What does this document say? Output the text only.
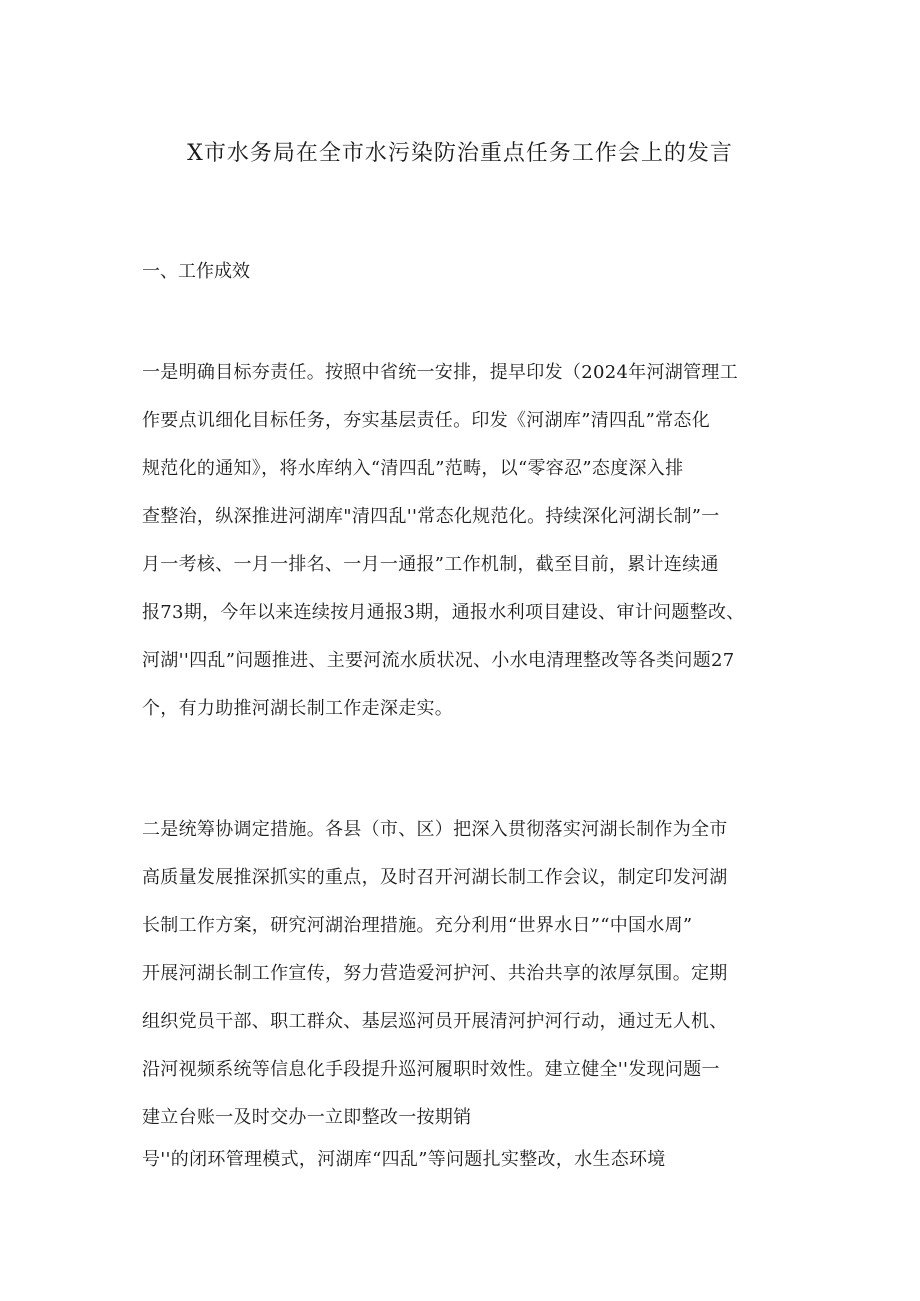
X市水务局在全市水污染防治重点任务工作会上的发言
一、工作成效
一是明确目标夯责任。按照中省统一安排，提早印发（2024年河湖管理工
作要点讥细化目标任务，夯实基层责任。印发《河湖库”清四乱”常态化
规范化的通知》，将水库纳入“清四乱”范畴，以“零容忍”态度深入排
查整治，纵深推进河湖库"清四乱''常态化规范化。持续深化河湖长制”一
月一考核、一月一排名、一月一通报”工作机制，截至目前，累计连续通
报73期，今年以来连续按月通报3期，通报水利项目建设、审计问题整改、
河湖''四乱”问题推进、主要河流水质状况、小水电清理整改等各类问题27
个，有力助推河湖长制工作走深走实。
二是统筹协调定措施。各县（市、区）把深入贯彻落实河湖长制作为全市
高质量发展推深抓实的重点，及时召开河湖长制工作会议，制定印发河湖
长制工作方案，研究河湖治理措施。充分利用“世界水日”“中国水周”
开展河湖长制工作宣传，努力营造爱河护河、共治共享的浓厚氛围。定期
组织党员干部、职工群众、基层巡河员开展清河护河行动，通过无人机、
沿河视频系统等信息化手段提升巡河履职时效性。建立健全''发现问题一
建立台账一及时交办一立即整改一按期销
号''的闭环管理模式，河湖库“四乱”等问题扎实整改，水生态环境
